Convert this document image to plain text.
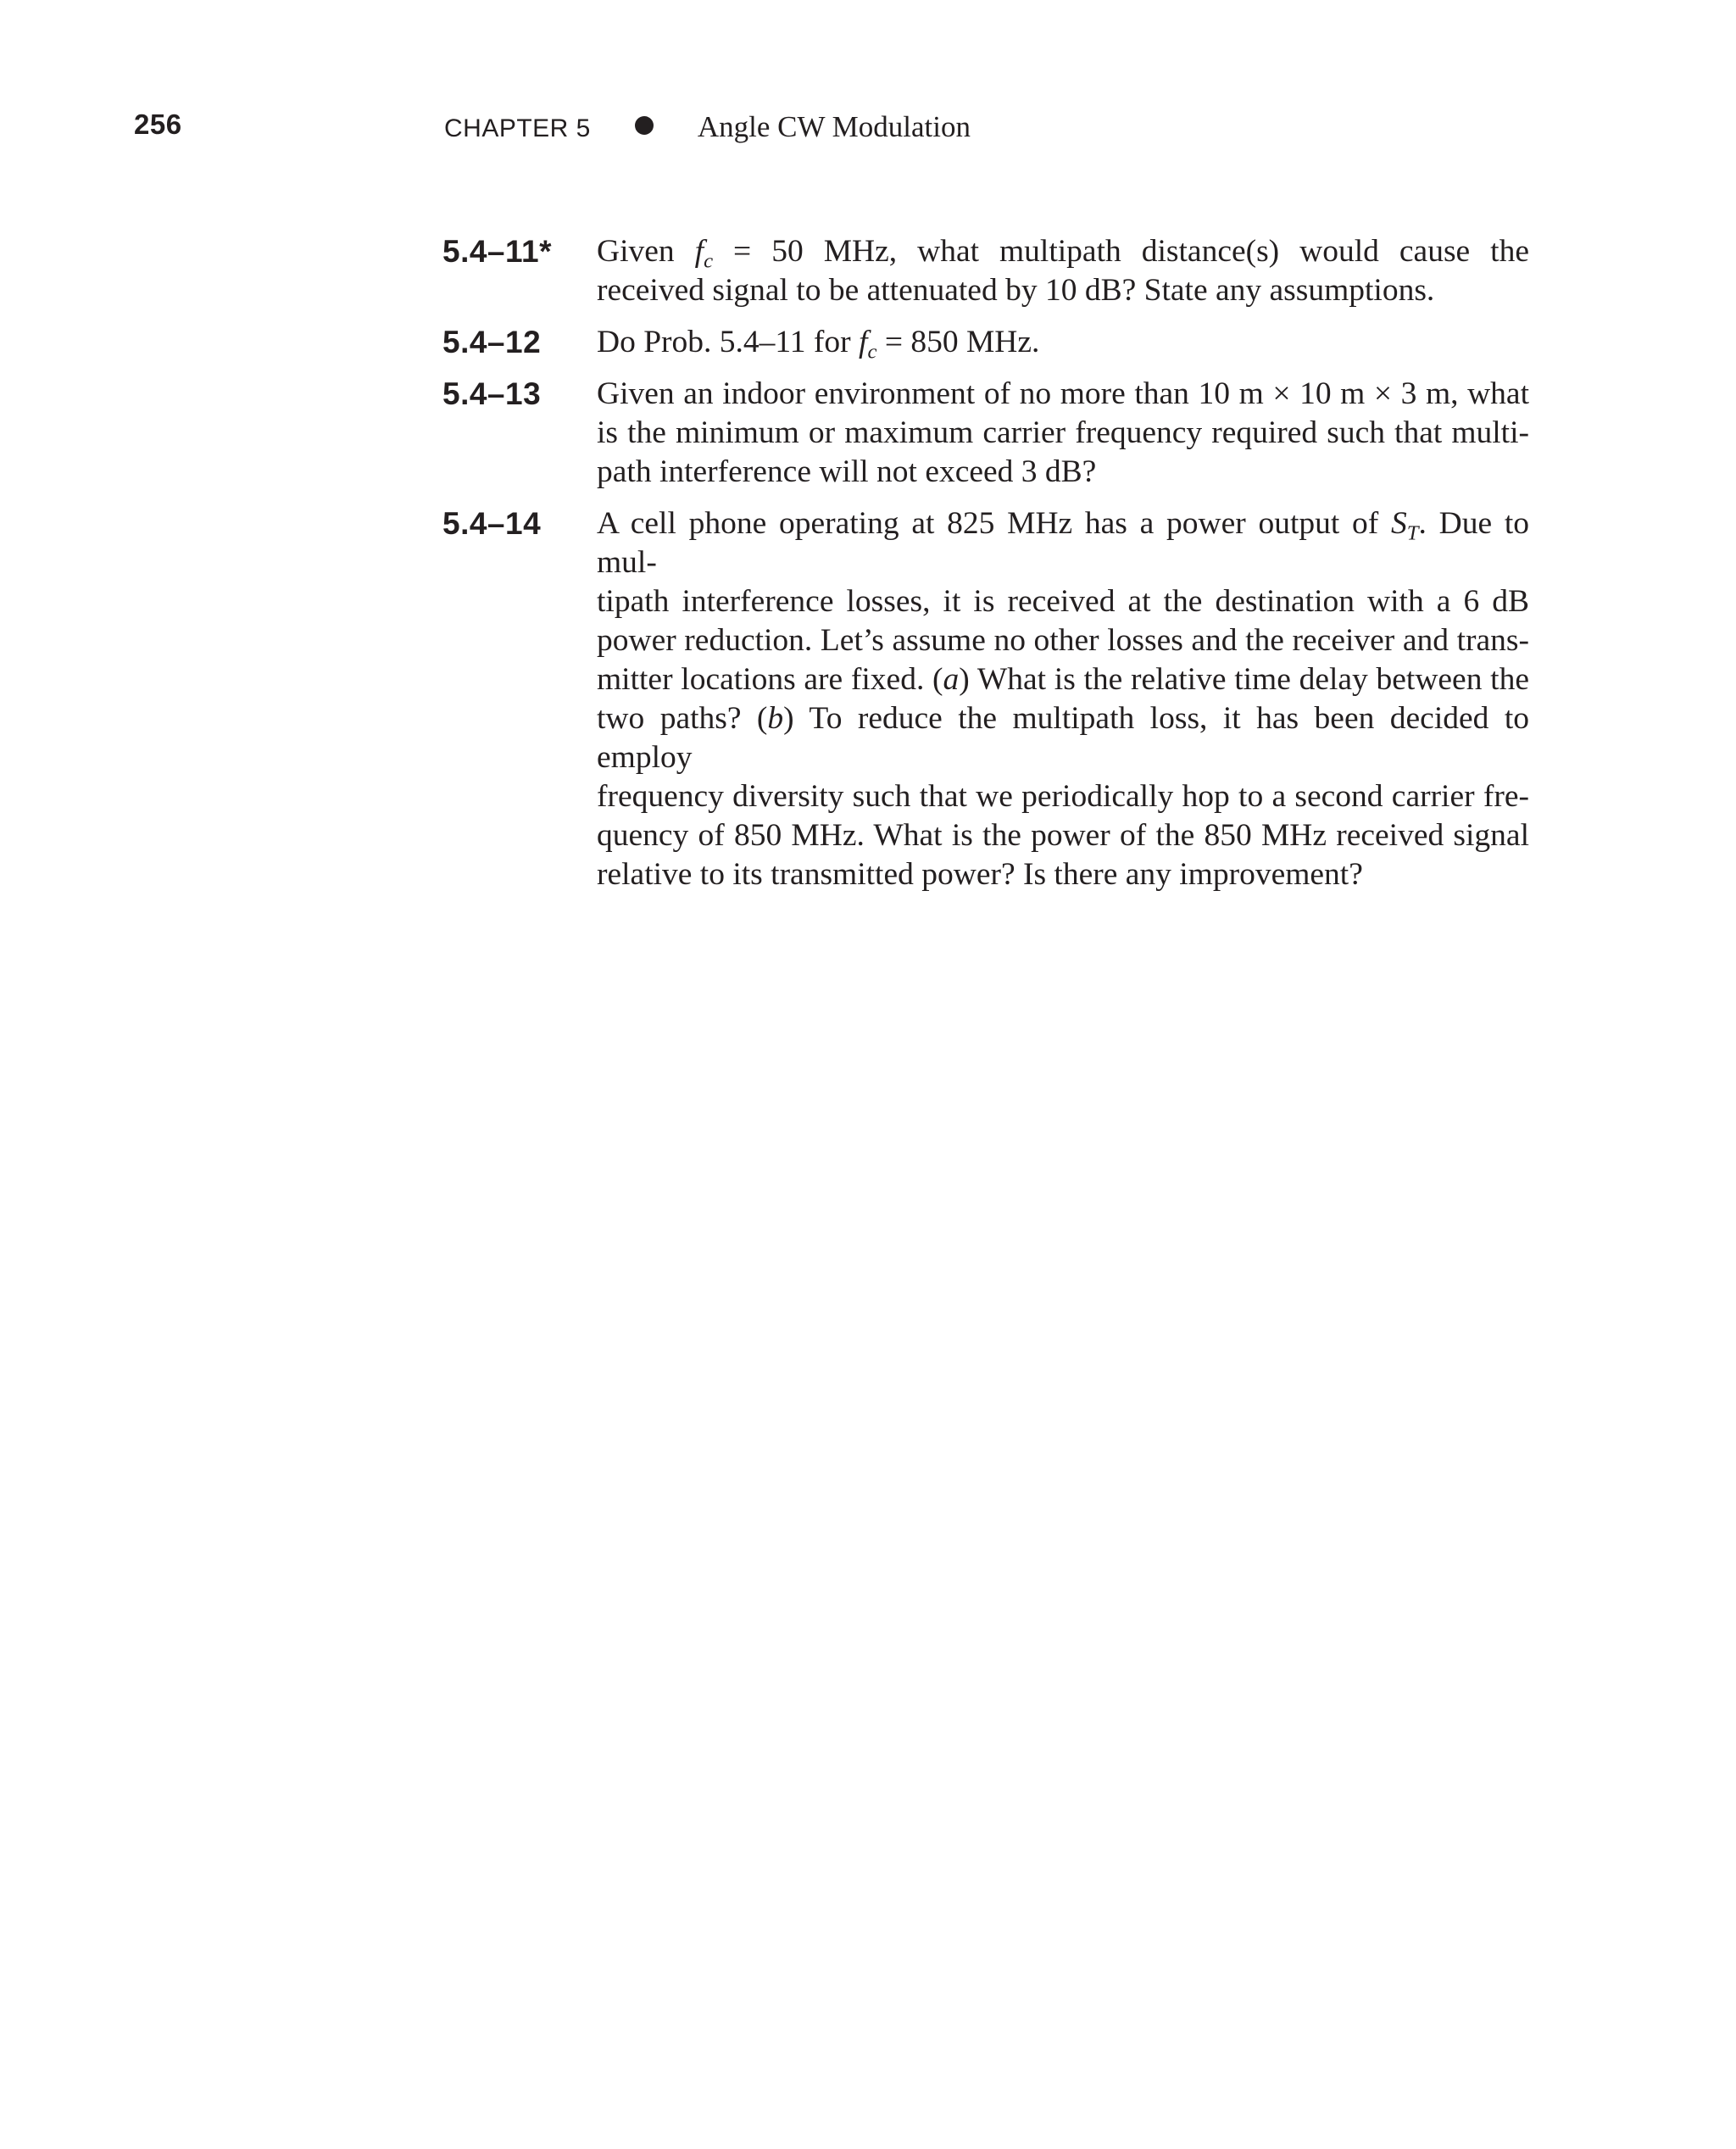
256	CHAPTER 5	Angle CW Modulation
5.4–11* Given $f_c = 50$ MHz, what multipath distance(s) would cause the
received signal to be attenuated by 10 dB? State any assumptions.
5.4–12 Do Prob. 5.4–11 for $f_c = 850$ MHz.
5.4–13 Given an indoor environment of no more than 10 m × 10 m × 3 m, what
is the minimum or maximum carrier frequency required such that multi-
path interference will not exceed 3 dB?
5.4–14 A cell phone operating at 825 MHz has a power output of $S_T$. Due to mul-
tipath interference losses, it is received at the destination with a 6 dB
power reduction. Let’s assume no other losses and the receiver and trans-
mitter locations are fixed. (a) What is the relative time delay between the
two paths? (b) To reduce the multipath loss, it has been decided to employ
frequency diversity such that we periodically hop to a second carrier fre-
quency of 850 MHz. What is the power of the 850 MHz received signal
relative to its transmitted power? Is there any improvement?
